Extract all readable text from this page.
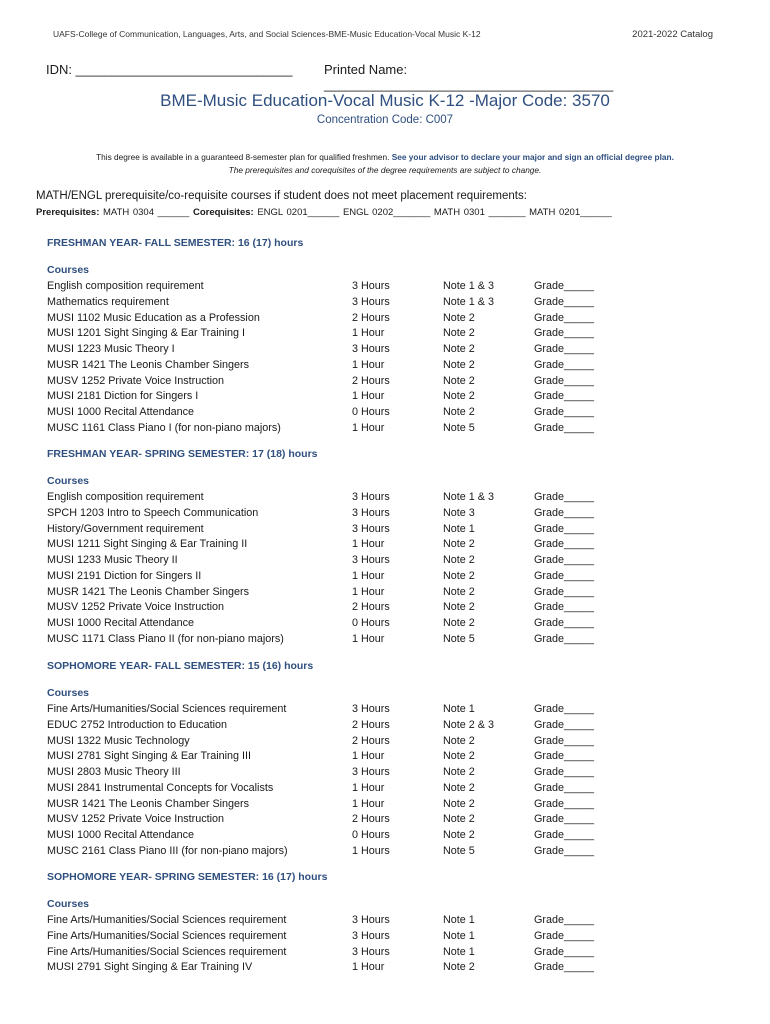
UAFS-College of Communication, Languages, Arts, and Social Sciences-BME-Music Education-Vocal Music K-12	2021-2022 Catalog
IDN: ______________________________ Printed Name: ________________________________________
BME-Music Education-Vocal Music K-12 -Major Code: 3570
Concentration Code: C007
This degree is available in a guaranteed 8-semester plan for qualified freshmen. See your advisor to declare your major and sign an official degree plan.
The prerequisites and corequisites of the degree requirements are subject to change.
MATH/ENGL prerequisite/co-requisite courses if student does not meet placement requirements:
Prerequisites: MATH 0304 ______ Corequisites: ENGL 0201______ ENGL 0202_______ MATH 0301 _______ MATH 0201______
FRESHMAN YEAR- FALL SEMESTER: 16 (17) hours
Courses
English composition requirement	3 Hours	Note 1 & 3	Grade_____
Mathematics requirement	3 Hours	Note 1 & 3	Grade_____
MUSI 1102 Music Education as a Profession	2 Hours	Note 2	Grade_____
MUSI 1201 Sight Singing & Ear Training I	1 Hour	Note 2	Grade_____
MUSI 1223 Music Theory I	3 Hours	Note 2	Grade_____
MUSR 1421 The Leonis Chamber Singers	1 Hour	Note 2	Grade_____
MUSV 1252 Private Voice Instruction	2 Hours	Note 2	Grade_____
MUSI 2181 Diction for Singers I	1 Hour	Note 2	Grade_____
MUSI 1000 Recital Attendance	0 Hours	Note 2	Grade_____
MUSC 1161 Class Piano I (for non-piano majors)	1 Hour	Note 5	Grade_____
FRESHMAN YEAR- SPRING SEMESTER: 17 (18) hours
Courses
English composition requirement	3 Hours	Note 1 & 3	Grade_____
SPCH 1203 Intro to Speech Communication	3 Hours	Note 3	Grade_____
History/Government requirement	3 Hours	Note 1	Grade_____
MUSI 1211 Sight Singing & Ear Training II	1 Hour	Note 2	Grade_____
MUSI 1233 Music Theory II	3 Hours	Note 2	Grade_____
MUSI 2191 Diction for Singers II	1 Hour	Note 2	Grade_____
MUSR 1421 The Leonis Chamber Singers	1 Hour	Note 2	Grade_____
MUSV 1252 Private Voice Instruction	2 Hours	Note 2	Grade_____
MUSI 1000 Recital Attendance	0 Hours	Note 2	Grade_____
MUSC 1171 Class Piano II (for non-piano majors)	1 Hour	Note 5	Grade_____
SOPHOMORE YEAR- FALL SEMESTER: 15 (16) hours
Courses
Fine Arts/Humanities/Social Sciences requirement	3 Hours	Note 1	Grade_____
EDUC 2752 Introduction to Education	2 Hours	Note 2 & 3	Grade_____
MUSI 1322 Music Technology	2 Hours	Note 2	Grade_____
MUSI 2781 Sight Singing & Ear Training III	1 Hour	Note 2	Grade_____
MUSI 2803 Music Theory III	3 Hours	Note 2	Grade_____
MUSI 2841 Instrumental Concepts for Vocalists	1 Hour	Note 2	Grade_____
MUSR 1421 The Leonis Chamber Singers	1 Hour	Note 2	Grade_____
MUSV 1252 Private Voice Instruction	2 Hours	Note 2	Grade_____
MUSI 1000 Recital Attendance	0 Hours	Note 2	Grade_____
MUSC 2161 Class Piano III (for non-piano majors)	1 Hours	Note 5	Grade_____
SOPHOMORE YEAR- SPRING SEMESTER: 16 (17) hours
Courses
Fine Arts/Humanities/Social Sciences requirement	3 Hours	Note 1	Grade_____
Fine Arts/Humanities/Social Sciences requirement	3 Hours	Note 1	Grade_____
Fine Arts/Humanities/Social Sciences requirement	3 Hours	Note 1	Grade_____
MUSI 2791 Sight Singing & Ear Training IV	1 Hour	Note 2	Grade_____
